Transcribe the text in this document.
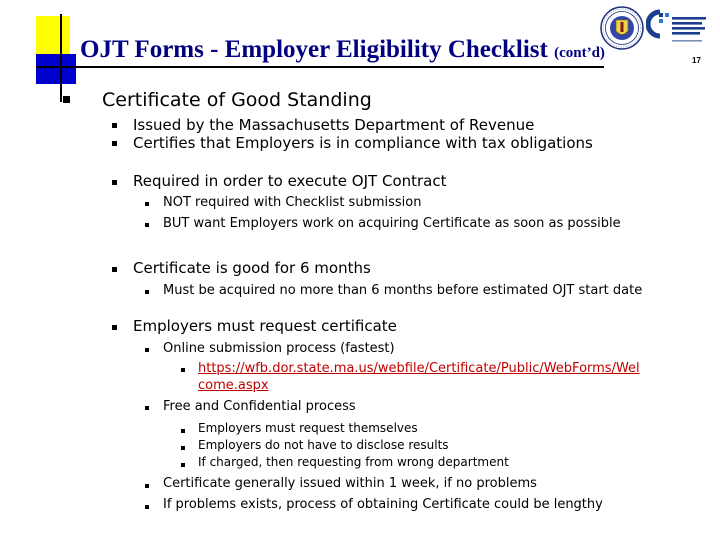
OJT Forms - Employer Eligibility Checklist (cont’d)	17
Certificate of Good Standing
Issued by the Massachusetts Department of Revenue
Certifies that Employers is in compliance with tax obligations
Required in order to execute OJT Contract
NOT required with Checklist submission
BUT want Employers work on acquiring Certificate as soon as possible
Certificate is good for 6 months
Must be acquired no more than 6 months before estimated OJT start date
Employers must request certificate
Online submission process (fastest)
https://wfb.dor.state.ma.us/webfile/Certificate/Public/WebForms/Wel
come.aspx
Free and Confidential process
Employers must request themselves
Employers do not have to disclose results
If charged, then requesting from wrong department
Certificate generally issued within 1 week, if no problems
If problems exists, process of obtaining Certificate could be lengthy
